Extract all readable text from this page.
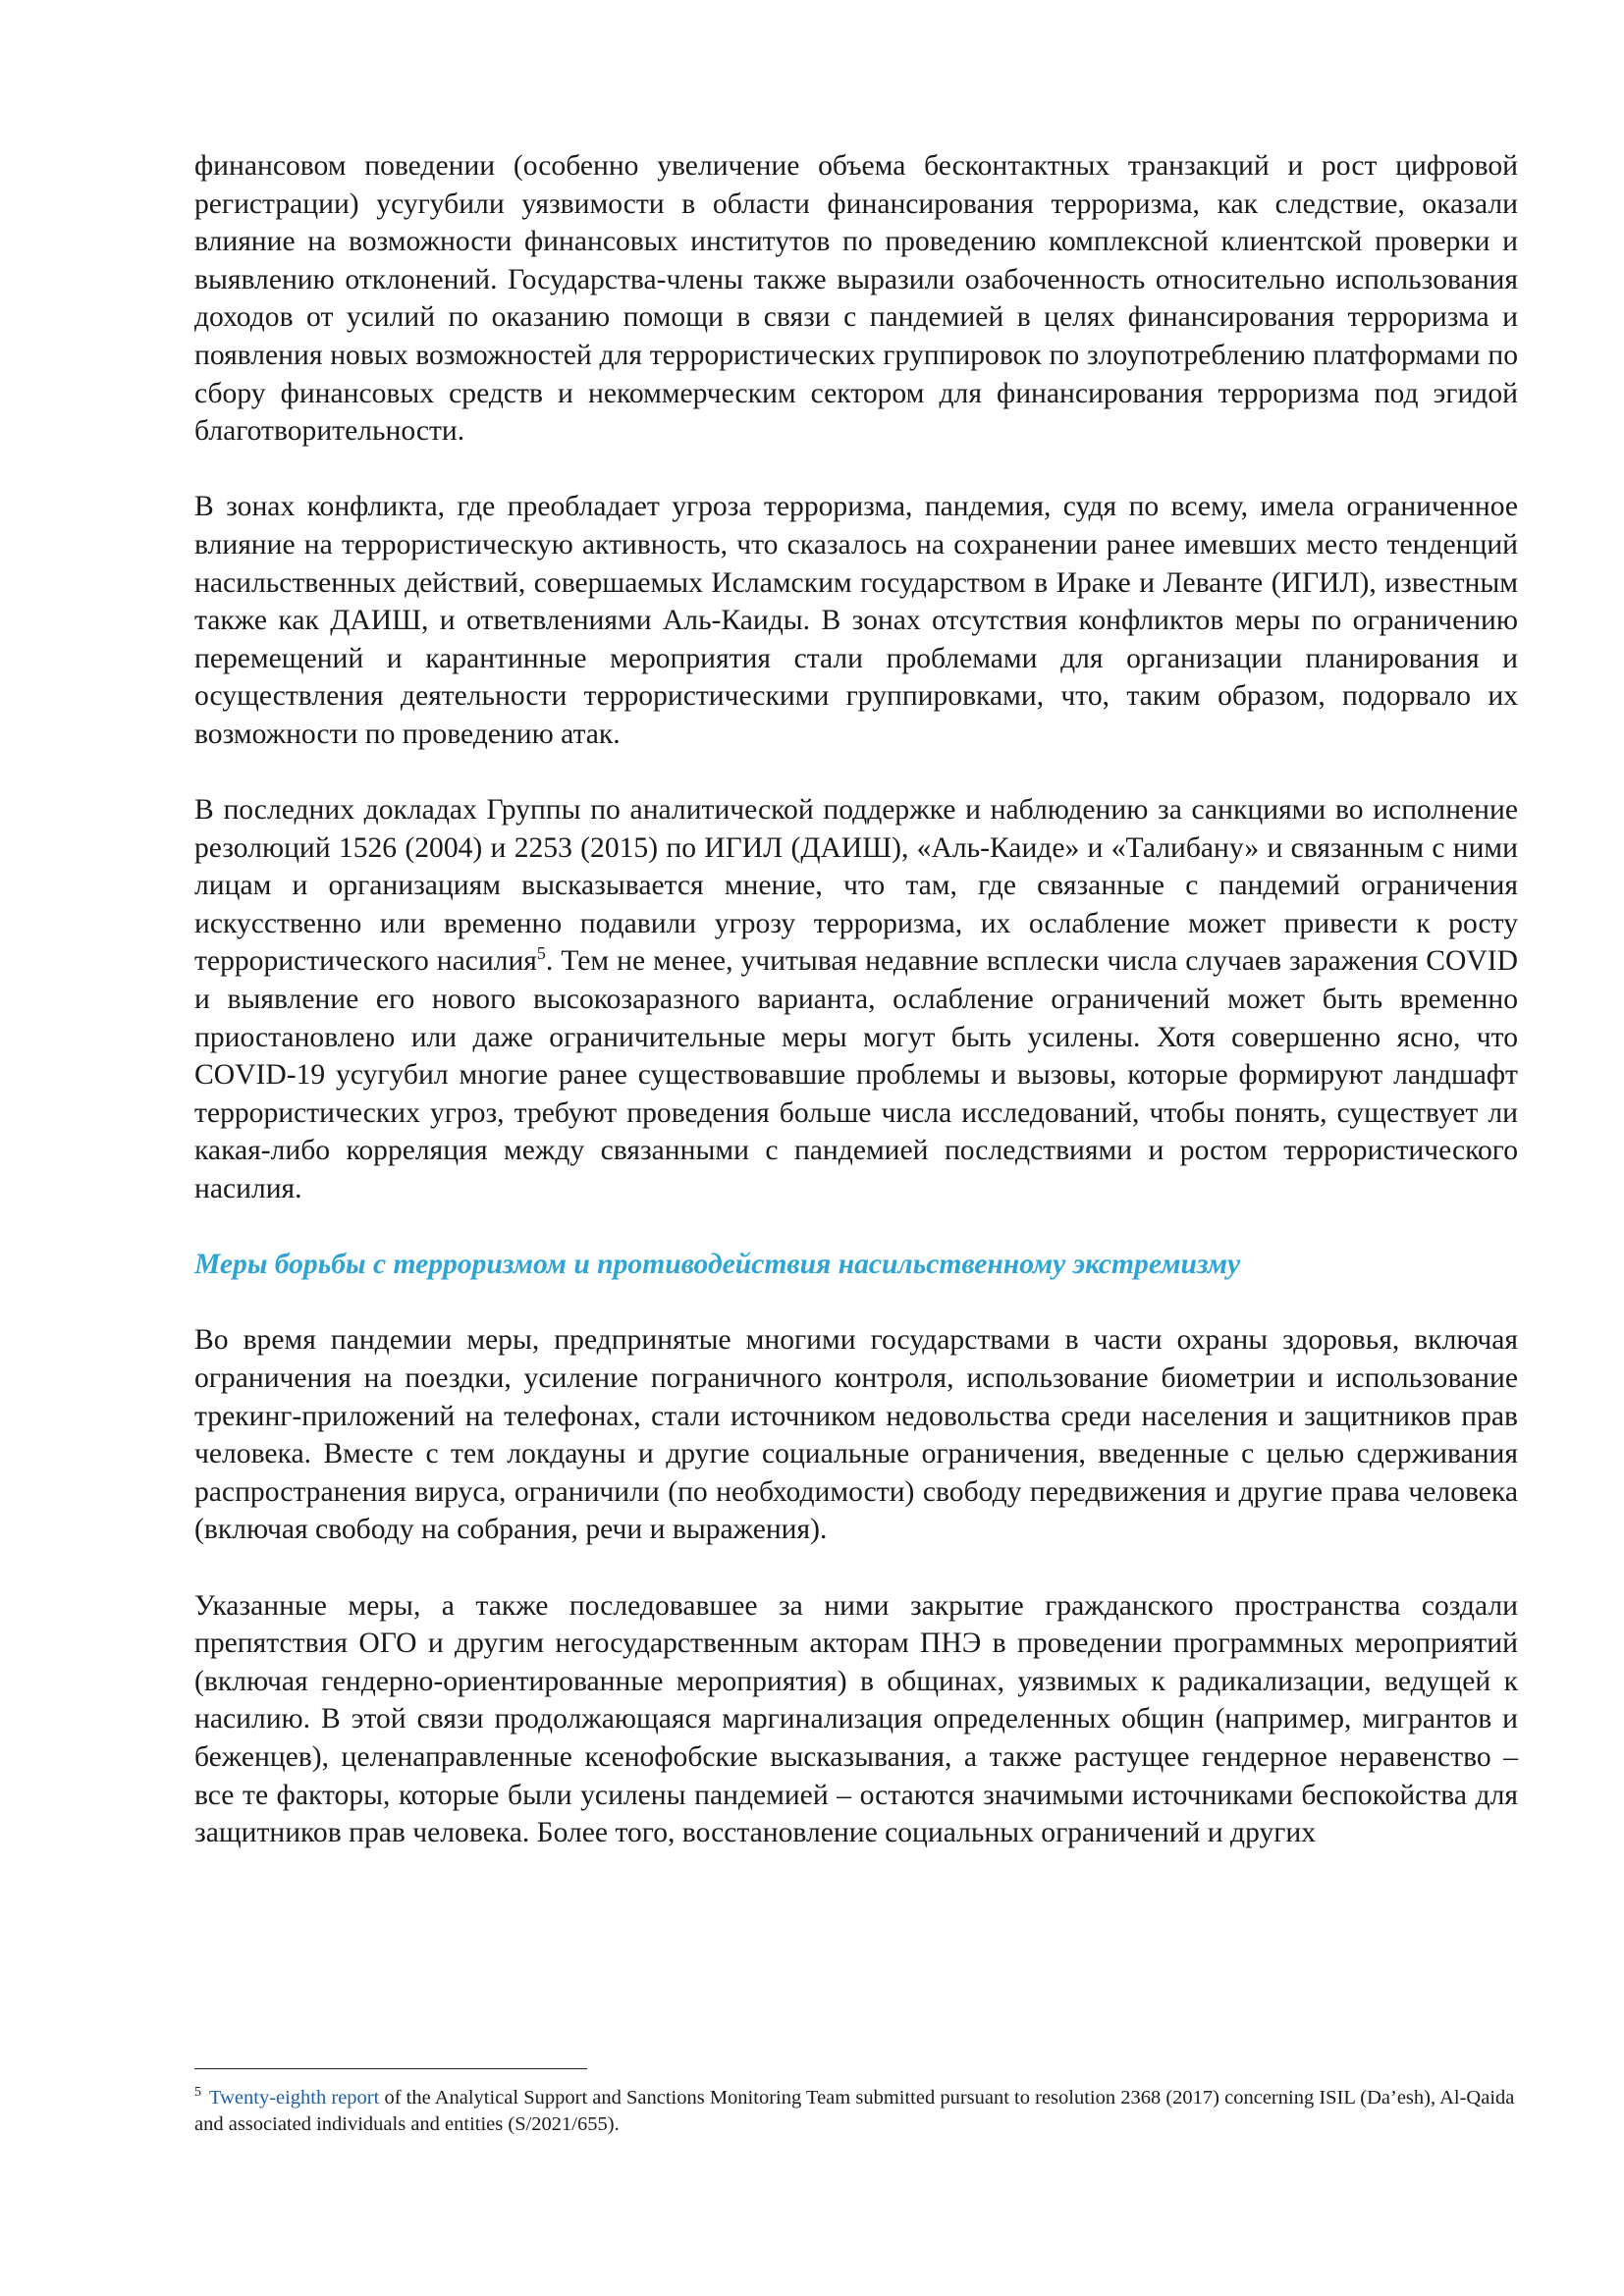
финансовом поведении (особенно увеличение объема бесконтактных транзакций и рост цифровой регистрации) усугубили уязвимости в области финансирования терроризма, как следствие, оказали влияние на возможности финансовых институтов по проведению комплексной клиентской проверки и выявлению отклонений. Государства-члены также выразили озабоченность относительно использования доходов от усилий по оказанию помощи в связи с пандемией в целях финансирования терроризма и появления новых возможностей для террористических группировок по злоупотреблению платформами по сбору финансовых средств и некоммерческим сектором для финансирования терроризма под эгидой благотворительности.

В зонах конфликта, где преобладает угроза терроризма, пандемия, судя по всему, имела ограниченное влияние на террористическую активность, что сказалось на сохранении ранее имевших место тенденций насильственных действий, совершаемых Исламским государством в Ираке и Леванте (ИГИЛ), известным также как ДАИШ, и ответвлениями Аль-Каиды. В зонах отсутствия конфликтов меры по ограничению перемещений и карантинные мероприятия стали проблемами для организации планирования и осуществления деятельности террористическими группировками, что, таким образом, подорвало их возможности по проведению атак.

В последних докладах Группы по аналитической поддержке и наблюдению за санкциями во исполнение резолюций 1526 (2004) и 2253 (2015) по ИГИЛ (ДАИШ), «Аль-Каиде» и «Талибану» и связанным с ними лицам и организациям высказывается мнение, что там, где связанные с пандемий ограничения искусственно или временно подавили угрозу терроризма, их ослабление может привести к росту террористического насилия$^5$. Тем не менее, учитывая недавние всплески числа случаев заражения COVID и выявление его нового высокозаразного варианта, ослабление ограничений может быть временно приостановлено или даже ограничительные меры могут быть усилены. Хотя совершенно ясно, что COVID-19 усугубил многие ранее существовавшие проблемы и вызовы, которые формируют ландшафт террористических угроз, требуют проведения больше числа исследований, чтобы понять, существует ли какая-либо корреляция между связанными с пандемией последствиями и ростом террористического насилия.

Меры борьбы с терроризмом и противодействия насильственному экстремизму

Во время пандемии меры, предпринятые многими государствами в части охраны здоровья, включая ограничения на поездки, усиление пограничного контроля, использование биометрии и использование трекинг-приложений на телефонах, стали источником недовольства среди населения и защитников прав человека. Вместе с тем локдауны и другие социальные ограничения, введенные с целью сдерживания распространения вируса, ограничили (по необходимости) свободу передвижения и другие права человека (включая свободу на собрания, речи и выражения).

Указанные меры, а также последовавшее за ними закрытие гражданского пространства создали препятствия ОГО и другим негосударственным акторам ПНЭ в проведении программных мероприятий (включая гендерно-ориентированные мероприятия) в общинах, уязвимых к радикализации, ведущей к насилию. В этой связи продолжающаяся маргинализация определенных общин (например, мигрантов и беженцев), целенаправленные ксенофобские высказывания, а также растущее гендерное неравенство – все те факторы, которые были усилены пандемией – остаются значимыми источниками беспокойства для защитников прав человека. Более того, восстановление социальных ограничений и других

$^5$ Twenty-eighth report of the Analytical Support and Sanctions Monitoring Team submitted pursuant to resolution 2368 (2017) concerning ISIL (Da’esh), Al-Qaida and associated individuals and entities (S/2021/655).
